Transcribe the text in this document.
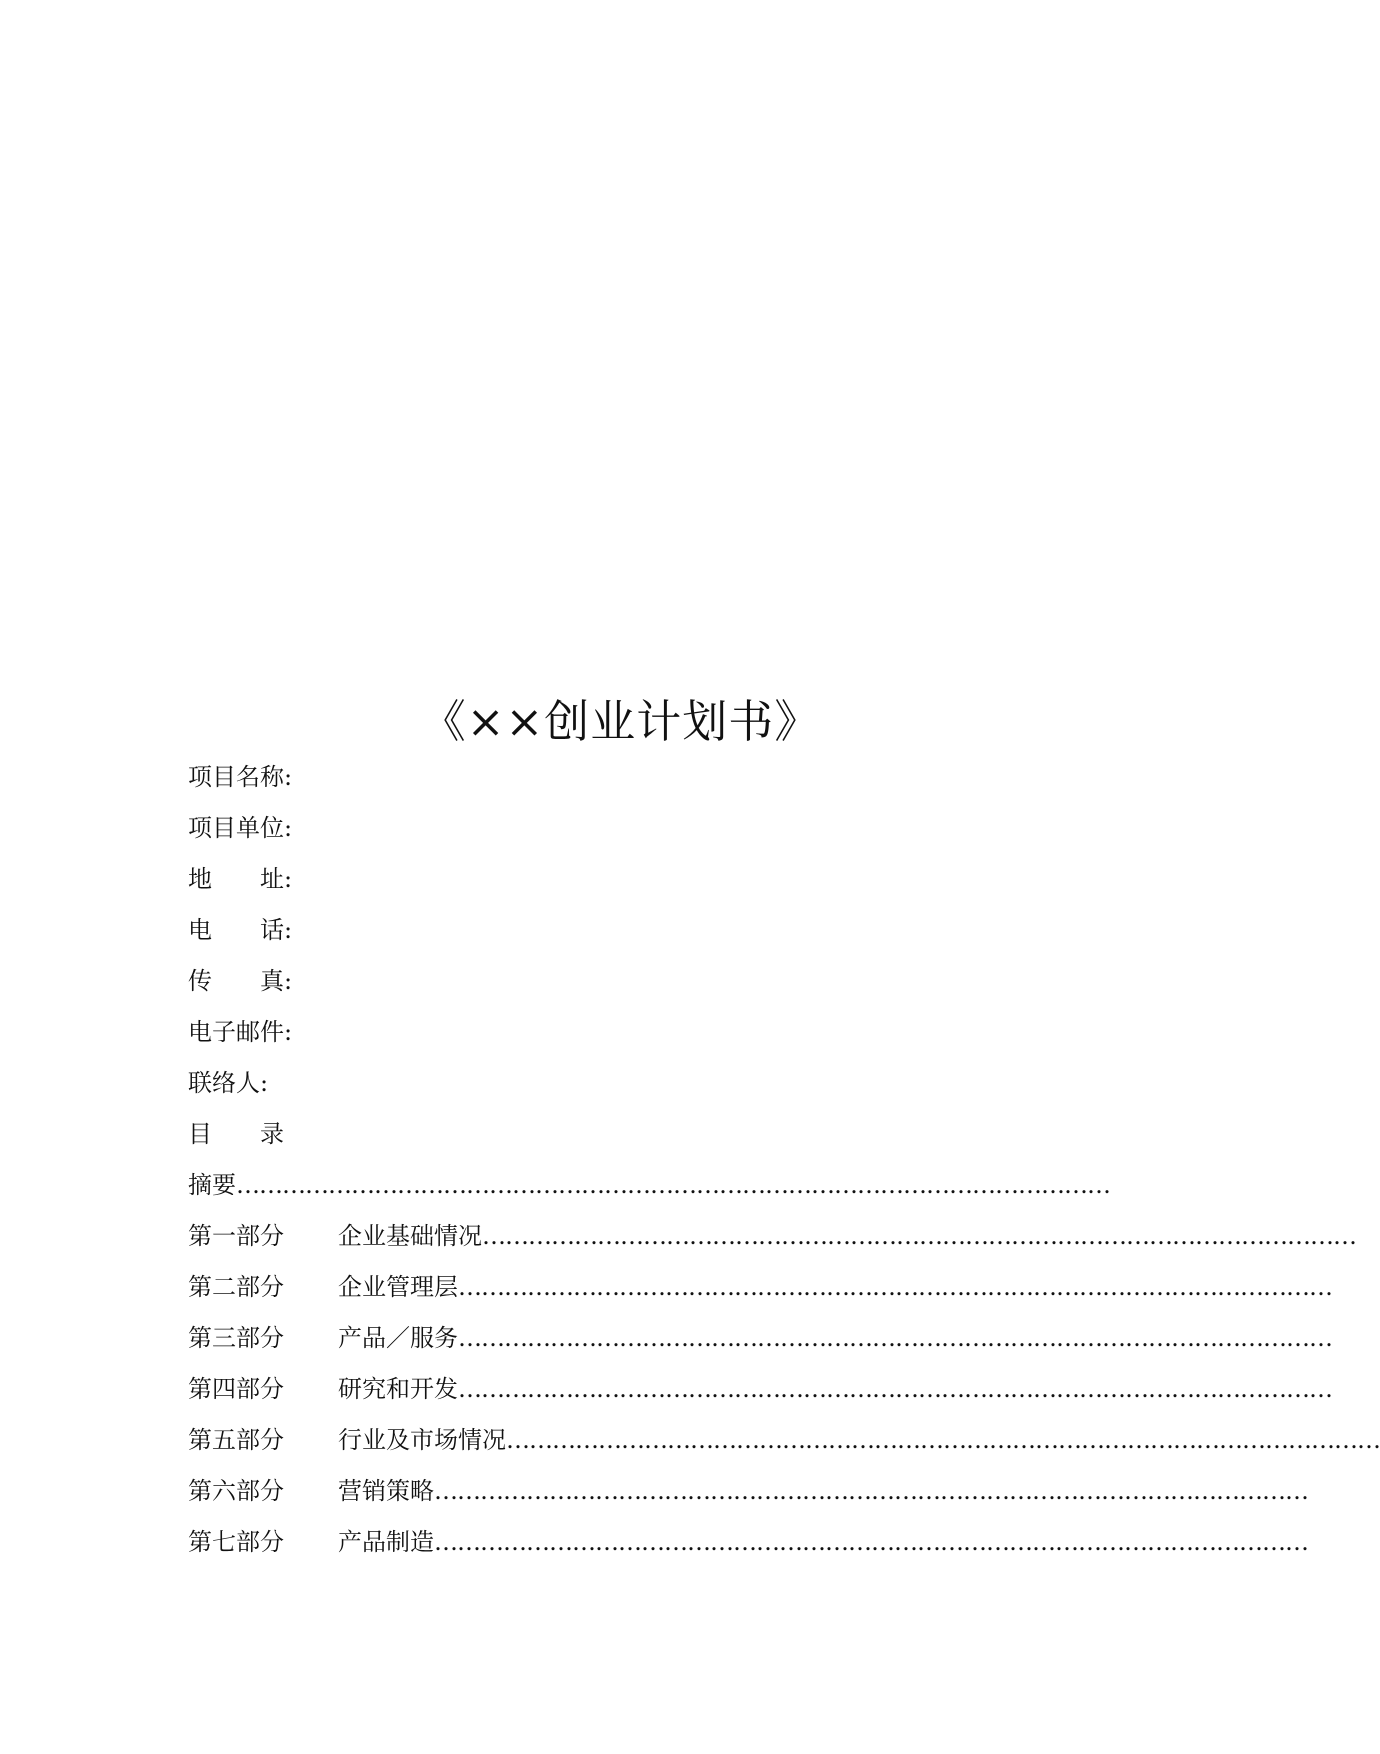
《××创业计划书》
项目名称:
项目单位:
地　　址:
电　　话:
传　　真:
电子邮件:
联络人:
目　　录
摘要……………………………………………………………………………………………………
第一部分 企业基础情况……………………………………………………………………………………………………
第二部分 企业管理层……………………………………………………………………………………………………
第三部分 产品／服务……………………………………………………………………………………………………
第四部分 研究和开发……………………………………………………………………………………………………
第五部分 行业及市场情况……………………………………………………………………………………………………
第六部分 营销策略……………………………………………………………………………………………………
第七部分 产品制造……………………………………………………………………………………………………
